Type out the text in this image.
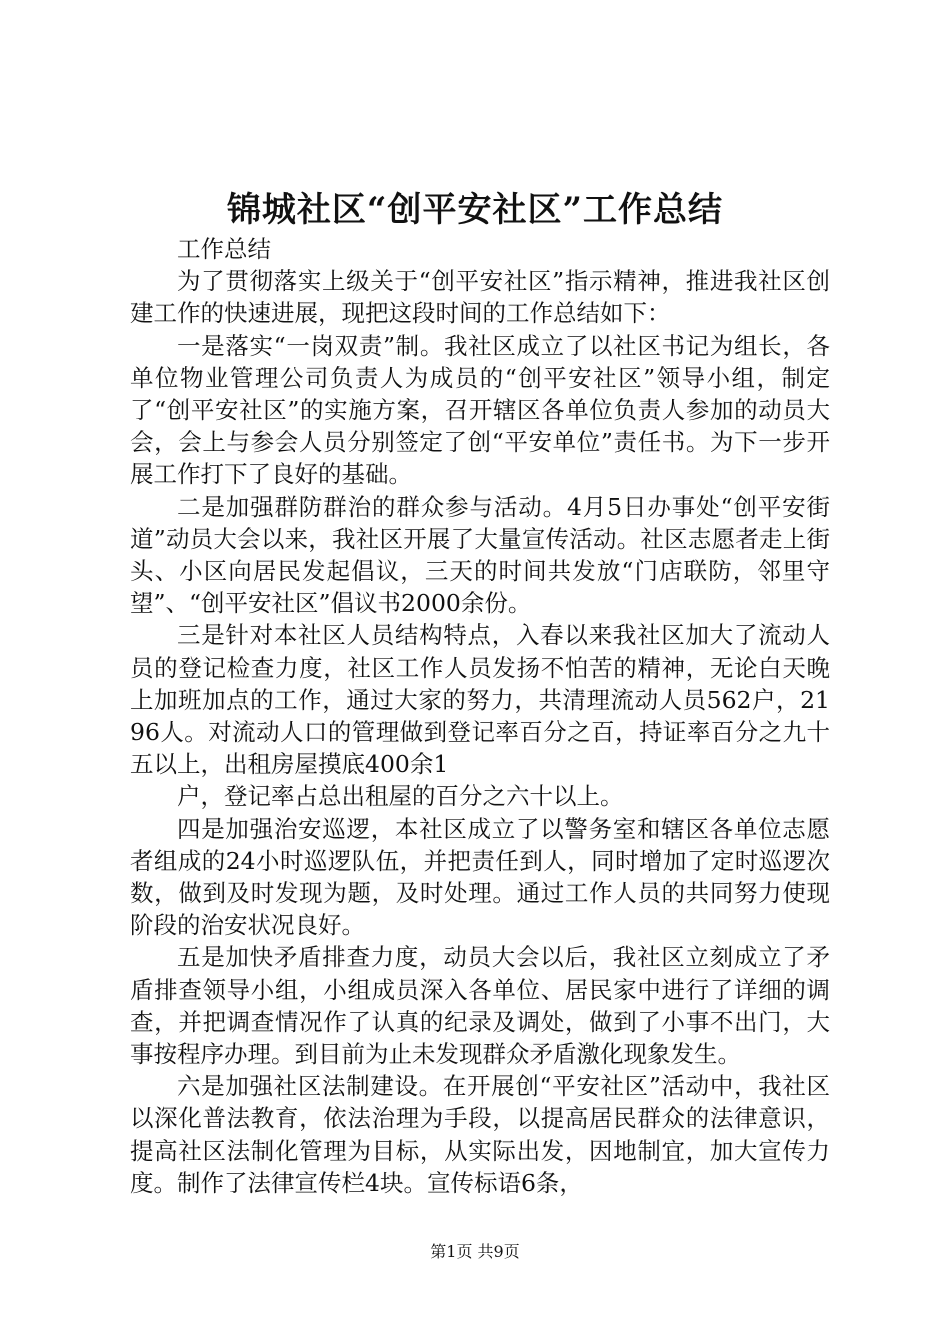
锦城社区“创平安社区”工作总结

工作总结

为了贯彻落实上级关于“创平安社区”指示精神，推进我社区创建工作的快速进展，现把这段时间的工作总结如下：

一是落实“一岗双责”制。我社区成立了以社区书记为组长，各单位物业管理公司负责人为成员的“创平安社区”领导小组，制定了“创平安社区”的实施方案，召开辖区各单位负责人参加的动员大会，会上与参会人员分别签定了创“平安单位”责任书。为下一步开展工作打下了良好的基础。

二是加强群防群治的群众参与活动。4月5日办事处“创平安街道”动员大会以来，我社区开展了大量宣传活动。社区志愿者走上街头、小区向居民发起倡议，三天的时间共发放“门店联防，邻里守望”、“创平安社区”倡议书2000余份。

三是针对本社区人员结构特点，入春以来我社区加大了流动人员的登记检查力度，社区工作人员发扬不怕苦的精神，无论白天晚上加班加点的工作，通过大家的努力，共清理流动人员562户，2196人。对流动人口的管理做到登记率百分之百，持证率百分之九十五以上，出租房屋摸底400余1

户，登记率占总出租屋的百分之六十以上。

四是加强治安巡逻，本社区成立了以警务室和辖区各单位志愿者组成的24小时巡逻队伍，并把责任到人，同时增加了定时巡逻次数，做到及时发现为题，及时处理。通过工作人员的共同努力使现阶段的治安状况良好。

五是加快矛盾排查力度，动员大会以后，我社区立刻成立了矛盾排查领导小组，小组成员深入各单位、居民家中进行了详细的调查，并把调查情况作了认真的纪录及调处，做到了小事不出门，大事按程序办理。到目前为止未发现群众矛盾激化现象发生。

六是加强社区法制建设。在开展创“平安社区”活动中，我社区以深化普法教育，依法治理为手段，以提高居民群众的法律意识，提高社区法制化管理为目标，从实际出发，因地制宜，加大宣传力度。制作了法律宣传栏4块。宣传标语6条，

第1页 共9页
